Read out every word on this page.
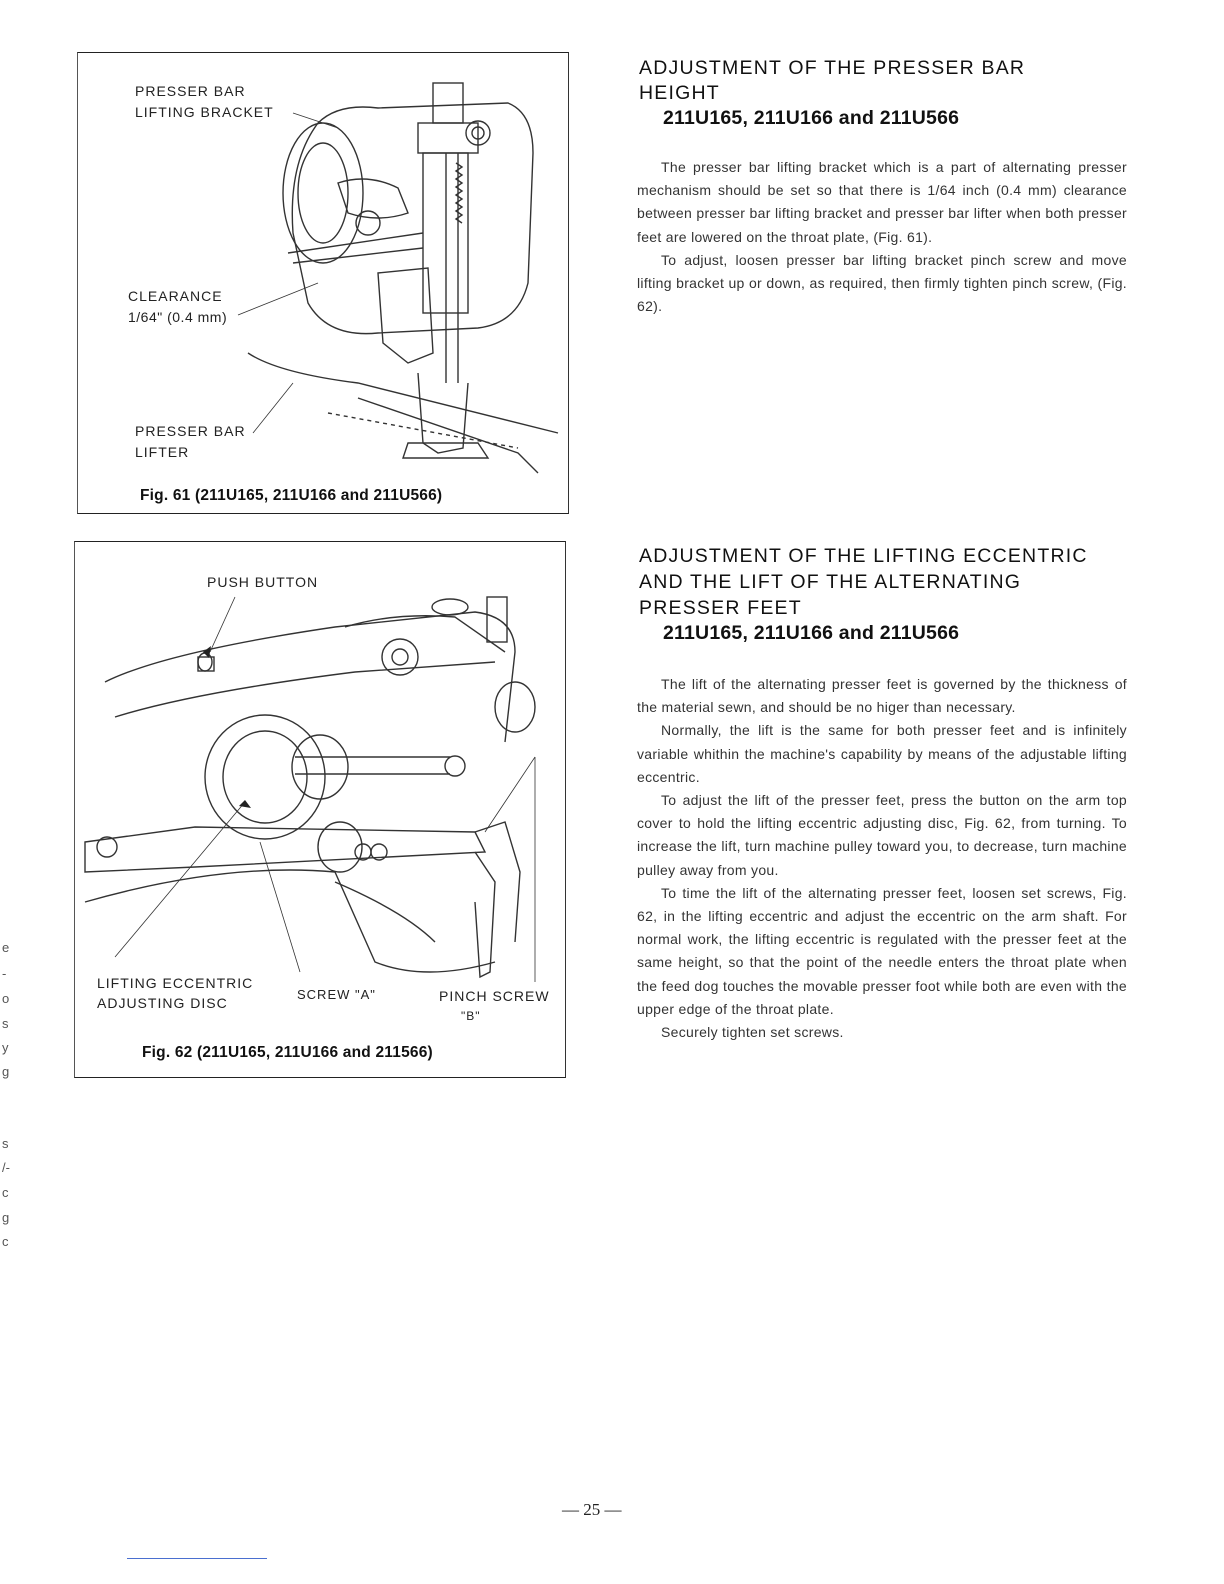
PRESSER BAR
LIFTING BRACKET
CLEARANCE
1/64" (0.4 mm)
PRESSER BAR
LIFTER
Fig. 61 (211U165, 211U166 and 211U566)
PUSH BUTTON
LIFTING ECCENTRIC
ADJUSTING DISC
SCREW "A"	PINCH SCREW
"B"
Fig. 62 (211U165, 211U166 and 211566)
ADJUSTMENT OF THE PRESSER BAR
HEIGHT
211U165, 211U166 and 211U566
The presser bar lifting bracket which is a part of alternating presser mechanism should be set so that there is 1/64 inch (0.4 mm) clearance between presser bar lifting bracket and presser bar lifter when both presser feet are lowered on the throat plate, (Fig. 61).
To adjust, loosen presser bar lifting bracket pinch screw and move lifting bracket up or down, as required, then firmly tighten pinch screw, (Fig. 62).
ADJUSTMENT OF THE LIFTING ECCENTRIC
AND THE LIFT OF THE ALTERNATING
PRESSER FEET
211U165, 211U166 and 211U566
The lift of the alternating presser feet is governed by the thickness of the material sewn, and should be no higer than necessary.
Normally, the lift is the same for both presser feet and is infinitely variable whithin the machine's capability by means of the adjustable lifting eccentric.
To adjust the lift of the presser feet, press the button on the arm top cover to hold the lifting eccentric adjusting disc, Fig. 62, from turning. To increase the lift, turn machine pulley toward you, to decrease, turn machine pulley away from you.
To time the lift of the alternating presser feet, loosen set screws, Fig. 62, in the lifting eccentric and adjust the eccentric on the arm shaft. For normal work, the lifting eccentric is regulated with the presser feet at the same height, so that the point of the needle enters the throat plate when the feed dog touches the movable presser foot while both are even with the upper edge of the throat plate.
Securely tighten set screws.
— 25 —
e
-
o
s
y
g
s
/-
c
g
c
